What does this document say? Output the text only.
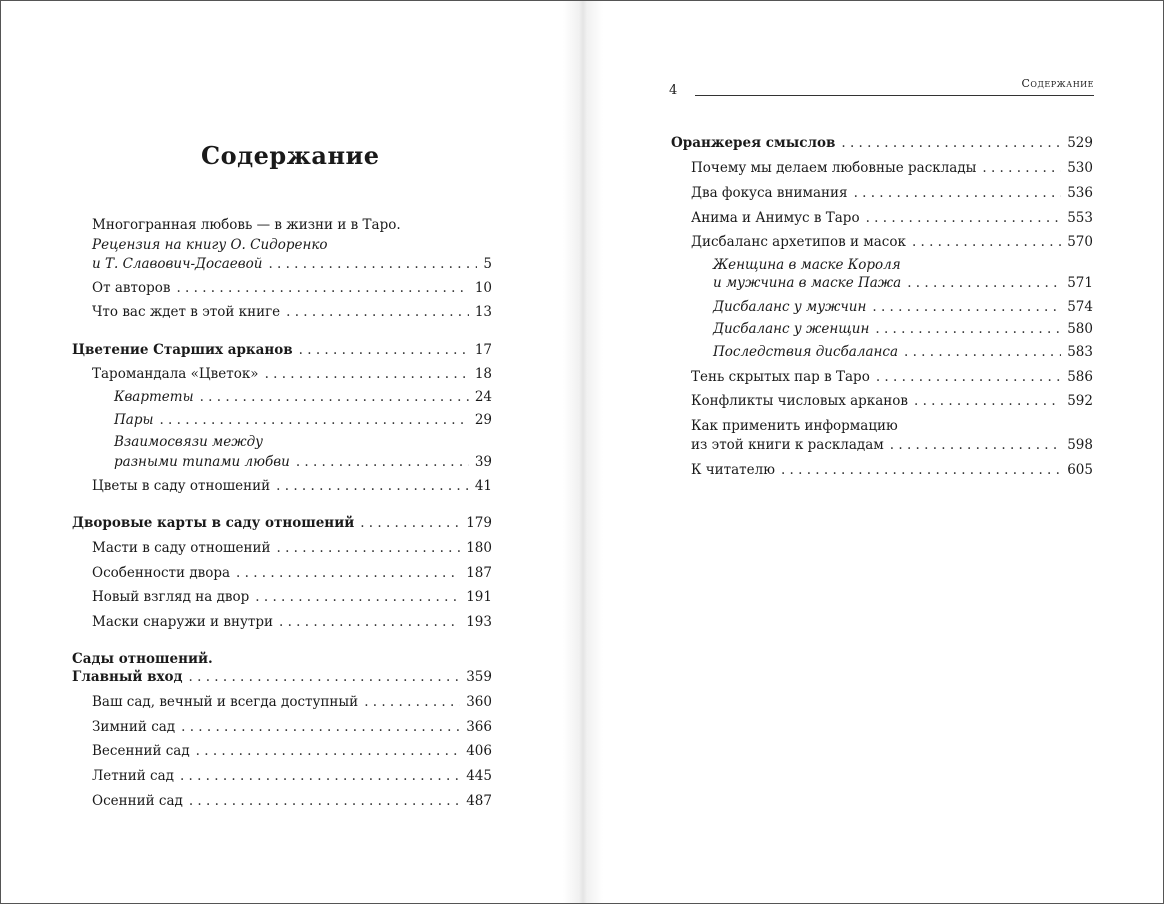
Содержание
Многогранная любовь — в жизни и в Таро.
Рецензия на книгу О. Сидоренко
и Т. Славович-Досаевой . . .	5
От авторов . . .	10
Что вас ждет в этой книге . . .	13
Цветение Старших арканов . . .	17
Таромандала «Цветок» . . .	18
Квартеты . . .	24
Пары . . .	29
Взаимосвязи между
разными типами любви . . .	39
Цветы в саду отношений . . .	41
Дворовые карты в саду отношений . . .	179
Масти в саду отношений . . .	180
Особенности двора . . .	187
Новый взгляд на двор . . .	191
Маски снаружи и внутри . . .	193
Сады отношений.
Главный вход . . .	359
Ваш сад, вечный и всегда доступный . . .	360
Зимний сад . . .	366
Весенний сад . . .	406
Летний сад . . .	445
Осенний сад . . .	487
4	Содержание
Оранжерея смыслов . . .	529
Почему мы делаем любовные расклады . . .	530
Два фокуса внимания . . .	536
Анима и Анимус в Таро . . .	553
Дисбаланс архетипов и масок . . .	570
Женщина в маске Короля
и мужчина в маске Пажа . . .	571
Дисбаланс у мужчин . . .	574
Дисбаланс у женщин . . .	580
Последствия дисбаланса . . .	583
Тень скрытых пар в Таро . . .	586
Конфликты числовых арканов . . .	592
Как применить информацию
из этой книги к раскладам . . .	598
К читателю . . .	605
